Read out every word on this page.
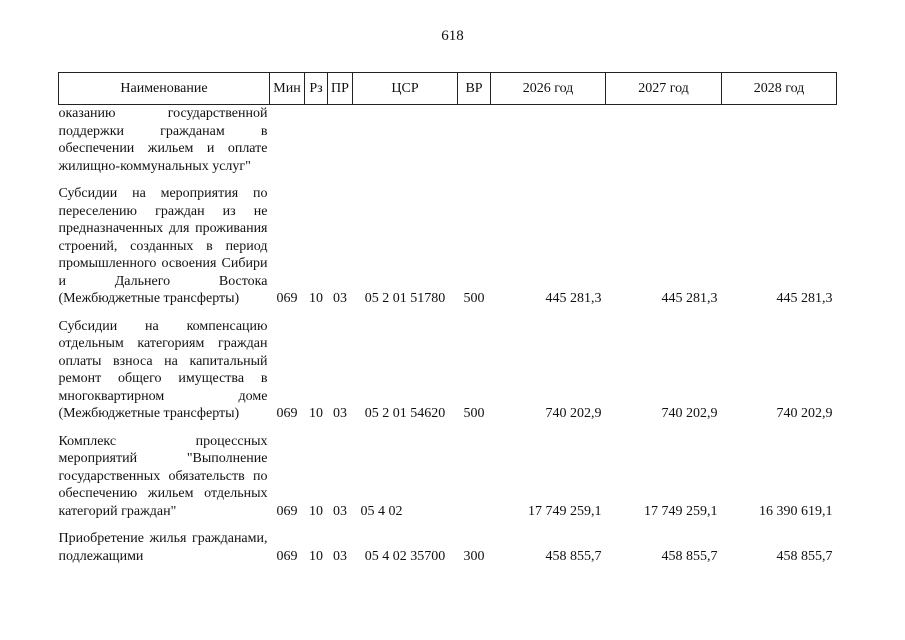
618
Наименование	Мин	Рз	ПР	ЦСР	ВР	2026 год	2027 год	2028 год
оказанию государственной поддержки гражданам в обеспечении жильем и оплате жилищно-коммунальных услуг"								
Субсидии на мероприятия по переселению граждан из не предназначенных для проживания строений, созданных в период промышленного освоения Сибири и Дальнего Востока (Межбюджетные трансферты)	069	10	03	05 2 01 51780	500	445 281,3	445 281,3	445 281,3
Субсидии на компенсацию отдельным категориям граждан оплаты взноса на капитальный ремонт общего имущества в многоквартирном доме (Межбюджетные трансферты)	069	10	03	05 2 01 54620	500	740 202,9	740 202,9	740 202,9
Комплекс процессных мероприятий "Выполнение государственных обязательств по обеспечению жильем отдельных категорий граждан"	069	10	03	05 4 02		17 749 259,1	17 749 259,1	16 390 619,1
Приобретение жилья гражданами, подлежащими	069	10	03	05 4 02 35700	300	458 855,7	458 855,7	458 855,7
